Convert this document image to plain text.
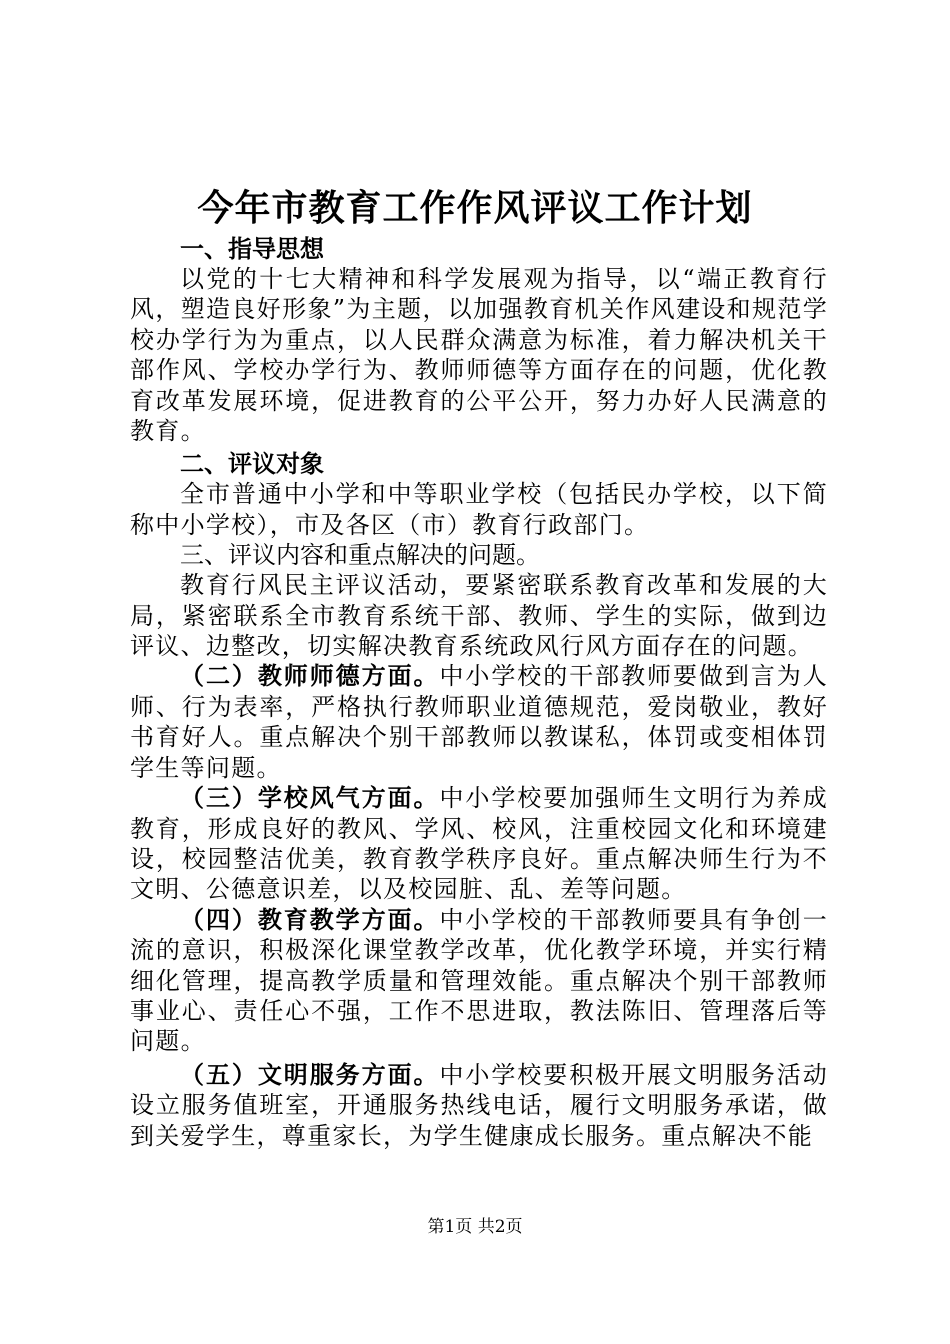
今年市教育工作作风评议工作计划

一、指导思想

以党的十七大精神和科学发展观为指导，以“端正教育行风，塑造良好形象”为主题，以加强教育机关作风建设和规范学校办学行为为重点，以人民群众满意为标准，着力解决机关干部作风、学校办学行为、教师师德等方面存在的问题，优化教育改革发展环境，促进教育的公平公开，努力办好人民满意的教育。

二、评议对象

全市普通中小学和中等职业学校（包括民办学校，以下简称中小学校），市及各区（市）教育行政部门。

三、评议内容和重点解决的问题。

教育行风民主评议活动，要紧密联系教育改革和发展的大局，紧密联系全市教育系统干部、教师、学生的实际，做到边评议、边整改，切实解决教育系统政风行风方面存在的问题。

（二）教师师德方面。中小学校的干部教师要做到言为人师、行为表率，严格执行教师职业道德规范，爱岗敬业，教好书育好人。重点解决个别干部教师以教谋私，体罚或变相体罚学生等问题。

（三）学校风气方面。中小学校要加强师生文明行为养成教育，形成良好的教风、学风、校风，注重校园文化和环境建设，校园整洁优美，教育教学秩序良好。重点解决师生行为不文明、公德意识差，以及校园脏、乱、差等问题。

（四）教育教学方面。中小学校的干部教师要具有争创一流的意识，积极深化课堂教学改革，优化教学环境，并实行精细化管理，提高教学质量和管理效能。重点解决个别干部教师事业心、责任心不强，工作不思进取，教法陈旧、管理落后等问题。

（五）文明服务方面。中小学校要积极开展文明服务活动设立服务值班室，开通服务热线电话，履行文明服务承诺，做到关爱学生，尊重家长，为学生健康成长服务。重点解决不能

第1页 共2页
